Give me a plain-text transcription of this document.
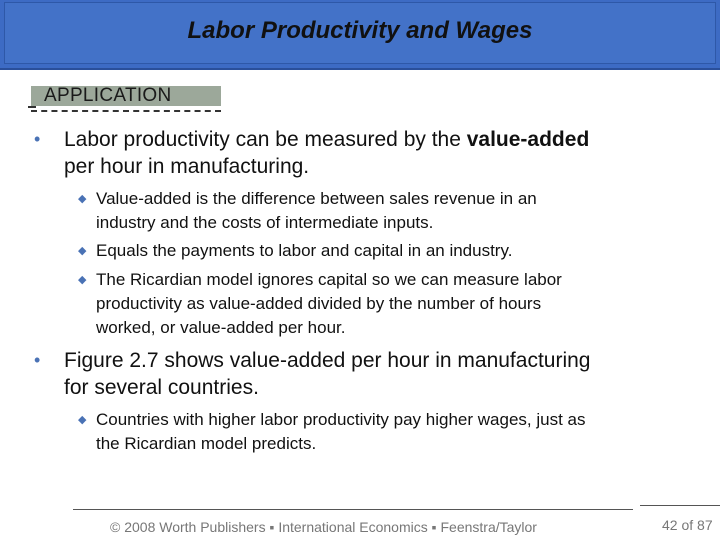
Labor Productivity and Wages
APPLICATION
•	Labor productivity can be measured by the value-added
per hour in manufacturing.
◆ Value-added is the difference between sales revenue in an
industry and the costs of intermediate inputs.
◆ Equals the payments to labor and capital in an industry.
◆ The Ricardian model ignores capital so we can measure labor
productivity as value-added divided by the number of hours
worked, or value-added per hour.
•	Figure 2.7 shows value-added per hour in manufacturing
for several countries.
◆ Countries with higher labor productivity pay higher wages, just as
the Ricardian model predicts.
© 2008 Worth Publishers ▪ International Economics ▪ Feenstra/Taylor	42 of 87
